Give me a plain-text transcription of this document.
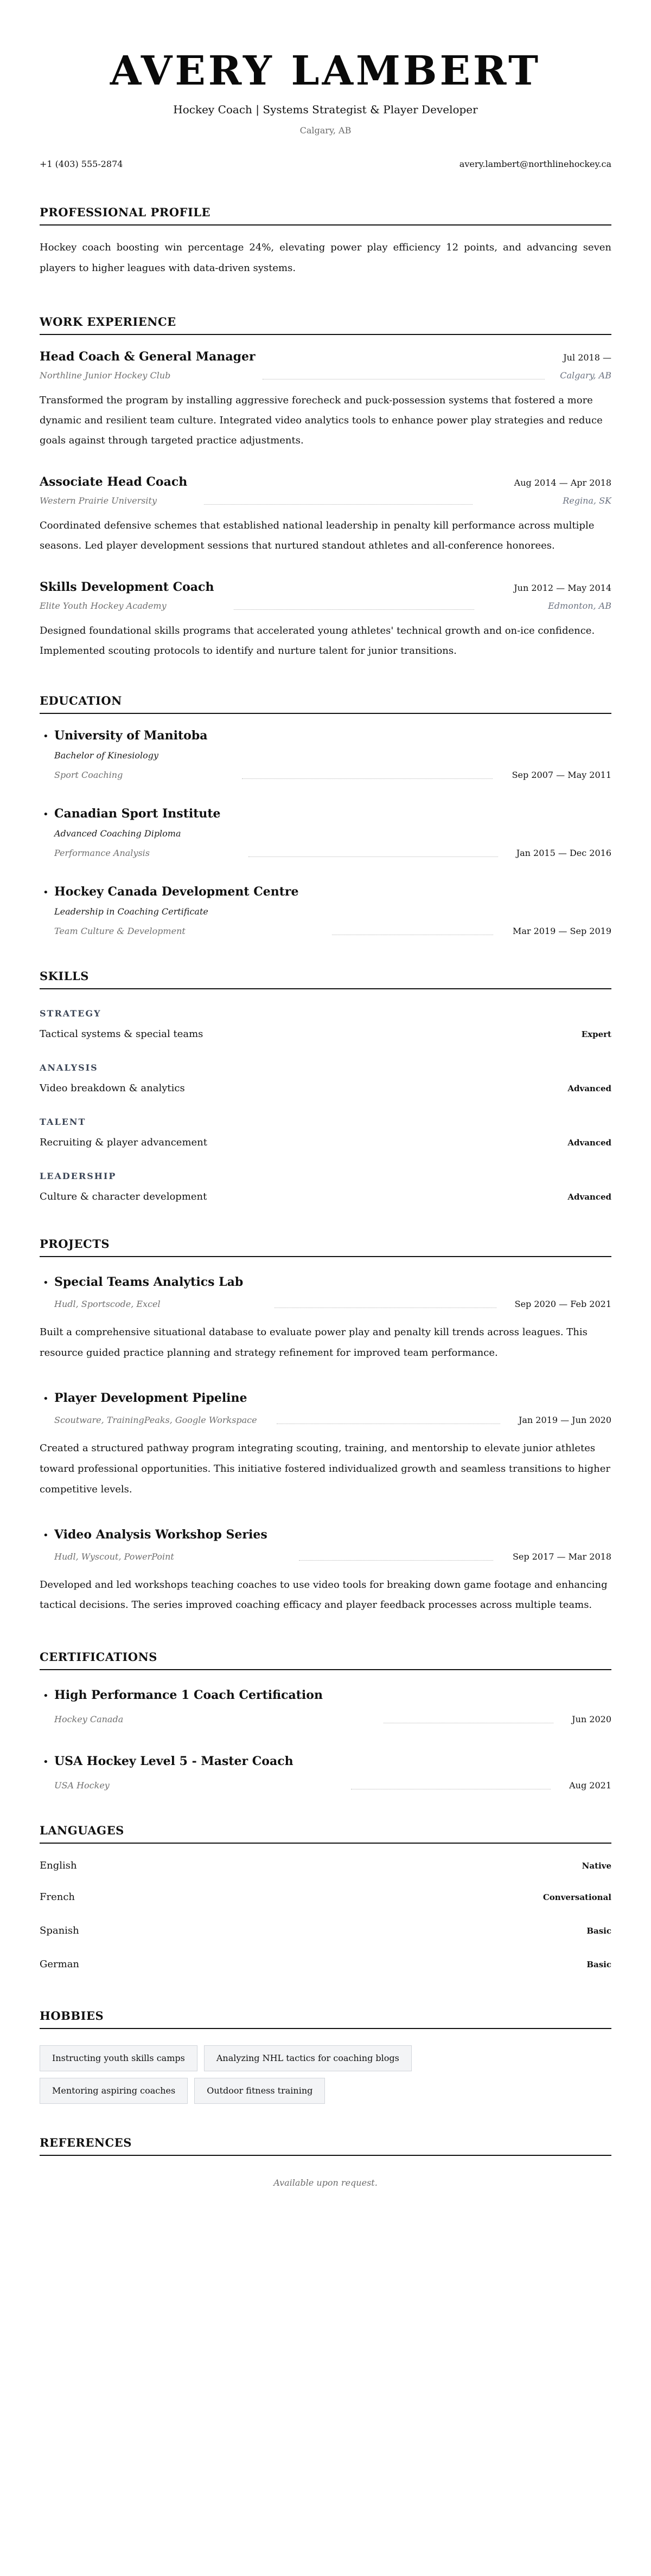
AVERY LAMBERT
Hockey Coach | Systems Strategist & Player Developer
Calgary, AB
+1 (403) 555-2874	avery.lambert@northlinehockey.ca
PROFESSIONAL PROFILE

Hockey coach boosting win percentage 24%, elevating power play efficiency 12 points, and advancing seven players to higher leagues with data-driven systems.

WORK EXPERIENCE
Head Coach & General Manager	Jul 2018 —
Northline Junior Hockey Club	Calgary, AB

Transformed the program by installing aggressive forecheck and puck-possession systems that fostered a more dynamic and resilient team culture. Integrated video analytics tools to enhance power play strategies and reduce goals against through targeted practice adjustments.

Associate Head Coach	Aug 2014 — Apr 2018
Western Prairie University	Regina, SK

Coordinated defensive schemes that established national leadership in penalty kill performance across multiple seasons. Led player development sessions that nurtured standout athletes and all-conference honorees.

Skills Development Coach	Jun 2012 — May 2014
Elite Youth Hockey Academy	Edmonton, AB

Designed foundational skills programs that accelerated young athletes' technical growth and on-ice confidence. Implemented scouting protocols to identify and nurture talent for junior transitions.

EDUCATION
• University of Manitoba
Bachelor of Kinesiology
Sport Coaching	Sep 2007 — May 2011
• Canadian Sport Institute
Advanced Coaching Diploma
Performance Analysis	Jan 2015 — Dec 2016
• Hockey Canada Development Centre
Leadership in Coaching Certificate
Team Culture & Development	Mar 2019 — Sep 2019
SKILLS
STRATEGY
Tactical systems & special teams	Expert
ANALYSIS
Video breakdown & analytics	Advanced
TALENT
Recruiting & player advancement	Advanced
LEADERSHIP
Culture & character development	Advanced
PROJECTS
• Special Teams Analytics Lab
Hudl, Sportscode, Excel	Sep 2020 — Feb 2021

Built a comprehensive situational database to evaluate power play and penalty kill trends across leagues. This resource guided practice planning and strategy refinement for improved team performance.

• Player Development Pipeline
Scoutware, TrainingPeaks, Google Workspace	Jan 2019 — Jun 2020

Created a structured pathway program integrating scouting, training, and mentorship to elevate junior athletes toward professional opportunities. This initiative fostered individualized growth and seamless transitions to higher competitive levels.

• Video Analysis Workshop Series
Hudl, Wyscout, PowerPoint	Sep 2017 — Mar 2018

Developed and led workshops teaching coaches to use video tools for breaking down game footage and enhancing tactical decisions. The series improved coaching efficacy and player feedback processes across multiple teams.

CERTIFICATIONS
• High Performance 1 Coach Certification
Hockey Canada	Jun 2020
• USA Hockey Level 5 - Master Coach
USA Hockey	Aug 2021
LANGUAGES
English	Native
French	Conversational
Spanish	Basic
German	Basic
HOBBIES
Instructing youth skills camps	Analyzing NHL tactics for coaching blogs
Mentoring aspiring coaches	Outdoor fitness training
REFERENCES

Available upon request.
